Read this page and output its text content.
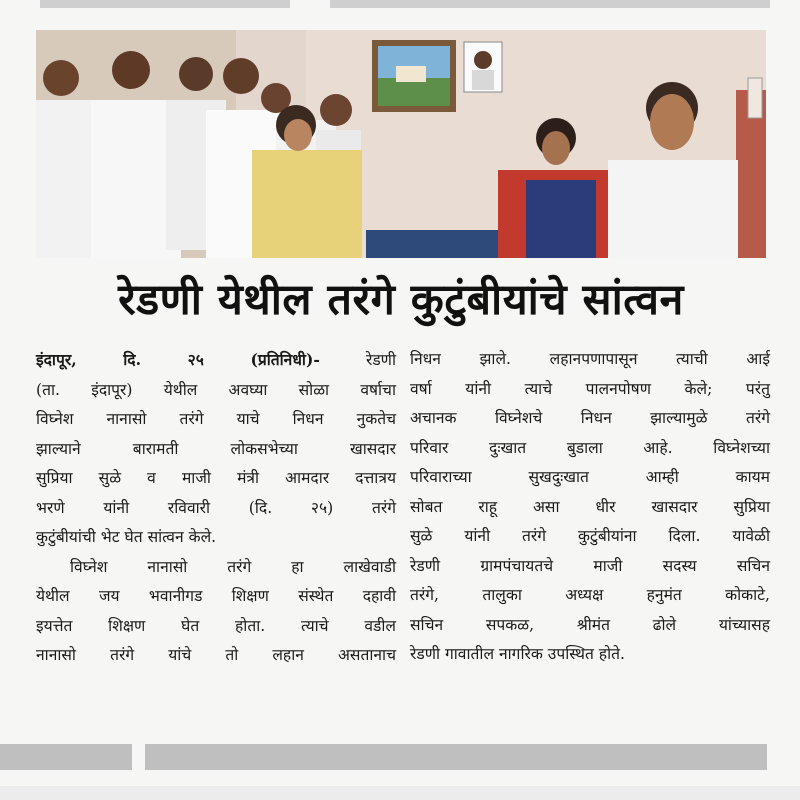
रेडणी येथील तरंगे कुटुंबीयांचे सांत्वन
इंदापूर, दि. २५ (प्रतिनिधी)- रेडणी
(ता. इंदापूर) येथील अवघ्या सोळा वर्षाचा
विघ्नेश नानासो तरंगे याचे निधन नुकतेच
झाल्याने बारामती लोकसभेच्या खासदार
सुप्रिया सुळे व माजी मंत्री आमदार दत्तात्रय
भरणे यांनी रविवारी (दि. २५) तरंगे
कुटुंबीयांची भेट घेत सांत्वन केले.
विघ्नेश नानासो तरंगे हा लाखेवाडी
येथील जय भवानीगड शिक्षण संस्थेत दहावी
इयत्तेत शिक्षण घेत होता. त्याचे वडील
नानासो तरंगे यांचे तो लहान असतानाच
निधन झाले. लहानपणापासून त्याची आई
वर्षा यांनी त्याचे पालनपोषण केले; परंतु
अचानक विघ्नेशचे निधन झाल्यामुळे तरंगे
परिवार दुःखात बुडाला आहे. विघ्नेशच्या
परिवाराच्या सुखदुःखात आम्ही कायम
सोबत राहू असा धीर खासदार सुप्रिया
सुळे यांनी तरंगे कुटुंबीयांना दिला. यावेळी
रेडणी ग्रामपंचायतचे माजी सदस्य सचिन
तरंगे, तालुका अध्यक्ष हनुमंत कोकाटे,
सचिन सपकळ, श्रीमंत ढोले यांच्यासह
रेडणी गावातील नागरिक उपस्थित होते.
